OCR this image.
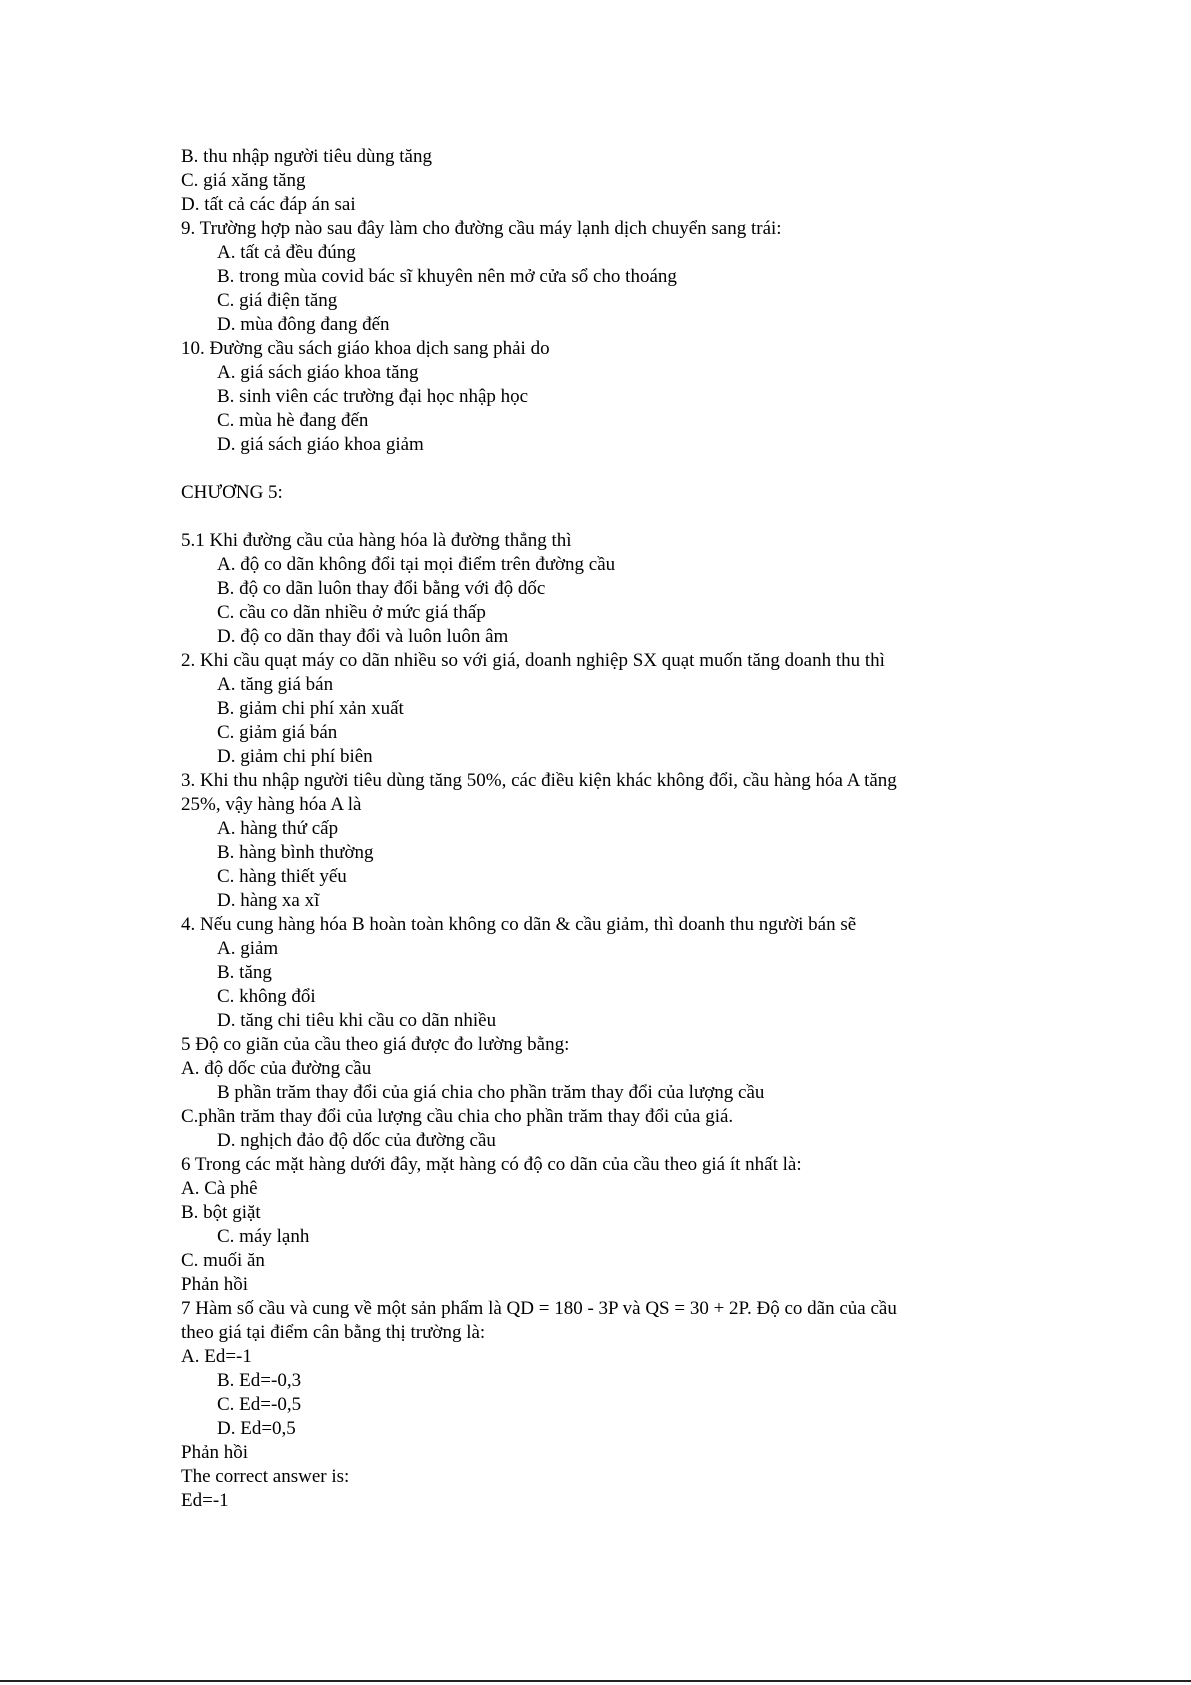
B. thu nhập người tiêu dùng tăng
C. giá xăng tăng
D. tất cả các đáp án sai
9. Trường hợp nào sau đây làm cho đường cầu máy lạnh dịch chuyển sang trái:
A. tất cả đều đúng
B. trong mùa covid bác sĩ khuyên nên mở cửa sổ cho thoáng
C. giá điện tăng
D. mùa đông đang đến
10. Đường cầu sách giáo khoa dịch sang phải do
A. giá sách giáo khoa tăng
B. sinh viên các trường đại học nhập học
C. mùa hè đang đến
D. giá sách giáo khoa giảm
CHƯƠNG 5:
5.1 Khi đường cầu của hàng hóa là đường thẳng thì
A. độ co dãn không đổi tại mọi điểm trên đường cầu
B. độ co dãn luôn thay đổi bằng với độ dốc
C. cầu co dãn nhiều ở mức giá thấp
D. độ co dãn thay đổi và luôn luôn âm
2. Khi cầu quạt máy co dãn nhiều so với giá, doanh nghiệp SX quạt muốn tăng doanh thu thì
A. tăng giá bán
B. giảm chi phí xản xuất
C. giảm giá bán
D. giảm chi phí biên
3. Khi thu nhập người tiêu dùng tăng 50%, các điều kiện khác không đổi, cầu hàng hóa A tăng
25%, vậy hàng hóa A là
A. hàng thứ cấp
B. hàng bình thường
C. hàng thiết yếu
D. hàng xa xĩ
4. Nếu cung hàng hóa B hoàn toàn không co dãn & cầu giảm, thì doanh thu người bán sẽ
A. giảm
B. tăng
C. không đổi
D. tăng chi tiêu khi cầu co dãn nhiều
5 Độ co giãn của cầu theo giá được đo lường bằng:
A. độ dốc của đường cầu
B phần trăm thay đổi của giá chia cho phần trăm thay đổi của lượng cầu
C.phần trăm thay đổi của lượng cầu chia cho phần trăm thay đổi của giá.
D. nghịch đảo độ dốc của đường cầu
6 Trong các mặt hàng dưới đây, mặt hàng có độ co dãn của cầu theo giá ít nhất là:
A. Cà phê
B. bột giặt
C. máy lạnh
C. muối ăn
Phản hồi
7 Hàm số cầu và cung về một sản phẩm là QD = 180 - 3P và QS = 30 + 2P. Độ co dãn của cầu
theo giá tại điểm cân bằng thị trường là:
A. Ed=-1
B. Ed=-0,3
C. Ed=-0,5
D. Ed=0,5
Phản hồi
The correct answer is:
Ed=-1
